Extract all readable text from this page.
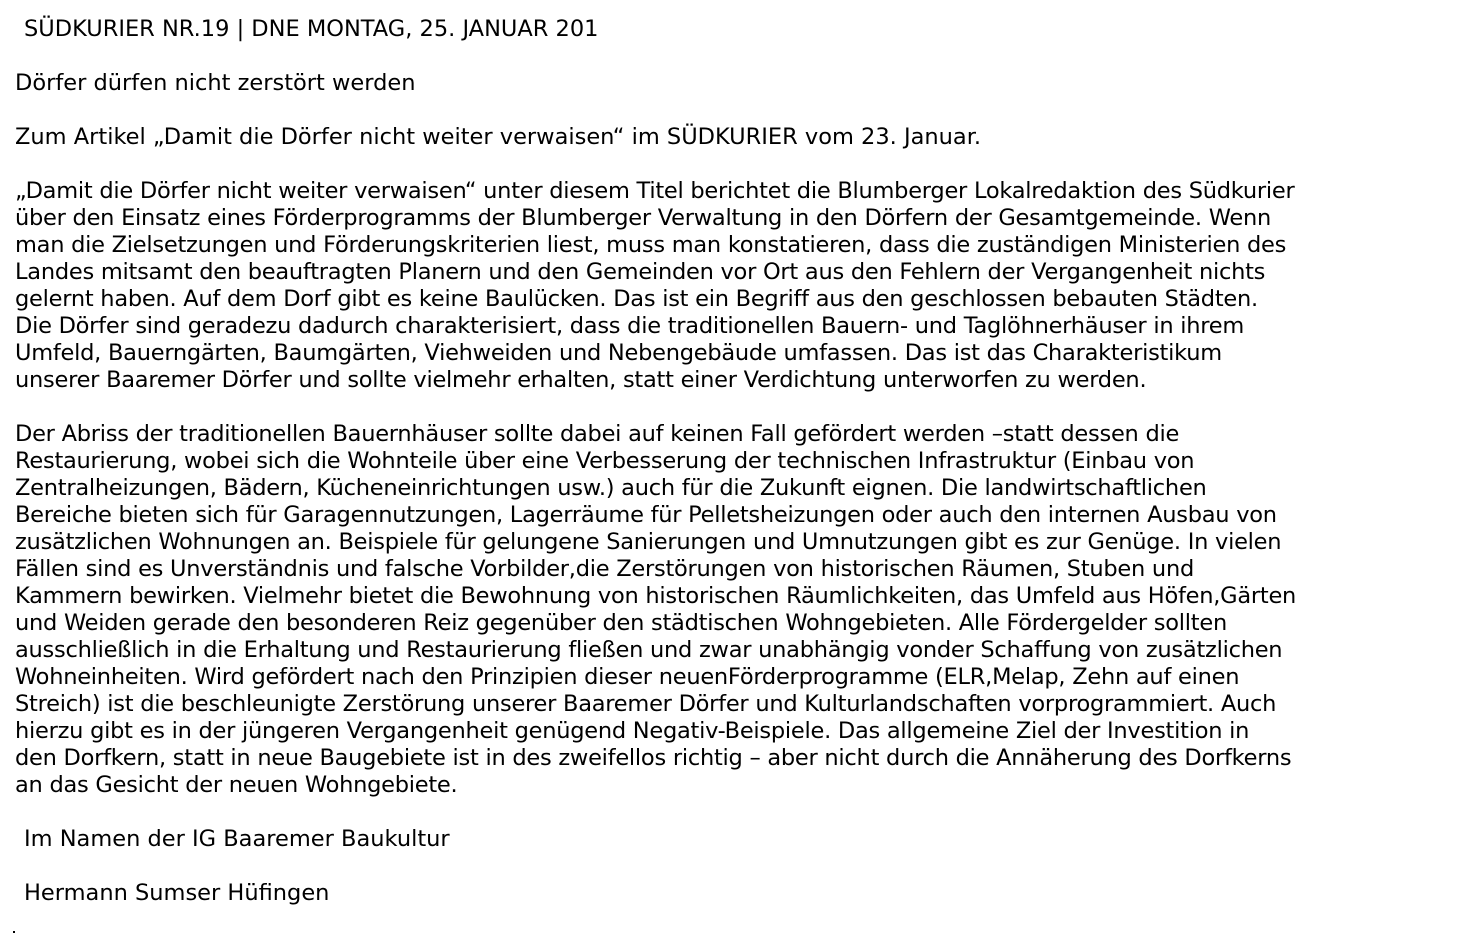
SÜDKURIER NR.19 | DNE MONTAG, 25. JANUAR 201
Dörfer dürfen nicht zerstört werden
Zum Artikel „Damit die Dörfer nicht weiter verwaisen“ im SÜDKURIER vom 23. Januar.
„Damit die Dörfer nicht weiter verwaisen“ unter diesem Titel berichtet die Blumberger Lokalredaktion des Südkurier
über den Einsatz eines Förderprogramms der Blumberger Verwaltung in den Dörfern der Gesamtgemeinde. Wenn
man die Zielsetzungen und Förderungskriterien liest, muss man konstatieren, dass die zuständigen Ministerien des
Landes mitsamt den beauftragten Planern und den Gemeinden vor Ort aus den Fehlern der Vergangenheit nichts
gelernt haben. Auf dem Dorf gibt es keine Baulücken. Das ist ein Begriff aus den geschlossen bebauten Städten.
Die Dörfer sind geradezu dadurch charakterisiert, dass die traditionellen Bauern- und Taglöhnerhäuser in ihrem
Umfeld, Bauerngärten, Baumgärten, Viehweiden und Nebengebäude umfassen. Das ist das Charakteristikum
unserer Baaremer Dörfer und sollte vielmehr erhalten, statt einer Verdichtung unterworfen zu werden.
Der Abriss der traditionellen Bauernhäuser sollte dabei auf keinen Fall gefördert werden –statt dessen die
Restaurierung, wobei sich die Wohnteile über eine Verbesserung der technischen Infrastruktur (Einbau von
Zentralheizungen, Bädern, Kücheneinrichtungen usw.) auch für die Zukunft eignen. Die landwirtschaftlichen
Bereiche bieten sich für Garagennutzungen, Lagerräume für Pelletsheizungen oder auch den internen Ausbau von
zusätzlichen Wohnungen an. Beispiele für gelungene Sanierungen und Umnutzungen gibt es zur Genüge. In vielen
Fällen sind es Unverständnis und falsche Vorbilder,die Zerstörungen von historischen Räumen, Stuben und
Kammern bewirken. Vielmehr bietet die Bewohnung von historischen Räumlichkeiten, das Umfeld aus Höfen,Gärten
und Weiden gerade den besonderen Reiz gegenüber den städtischen Wohngebieten. Alle Fördergelder sollten
ausschließlich in die Erhaltung und Restaurierung fließen und zwar unabhängig vonder Schaffung von zusätzlichen
Wohneinheiten. Wird gefördert nach den Prinzipien dieser neuenFörderprogramme (ELR,Melap, Zehn auf einen
Streich) ist die beschleunigte Zerstörung unserer Baaremer Dörfer und Kulturlandschaften vorprogrammiert. Auch
hierzu gibt es in der jüngeren Vergangenheit genügend Negativ-Beispiele. Das allgemeine Ziel der Investition in
den Dorfkern, statt in neue Baugebiete ist in des zweifellos richtig – aber nicht durch die Annäherung des Dorfkerns
an das Gesicht der neuen Wohngebiete.
Im Namen der IG Baaremer Baukultur
Hermann Sumser Hüfingen
